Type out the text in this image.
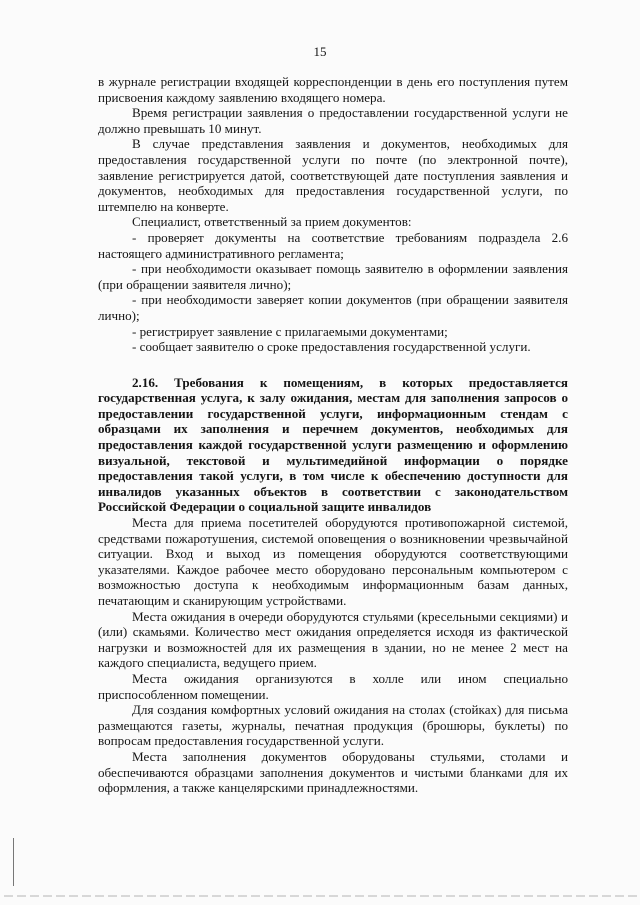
15

в журнале регистрации входящей корреспонденции в день его поступления путем присвоения каждому заявлению входящего номера.

Время регистрации заявления о предоставлении государственной услуги не должно превышать 10 минут.

В случае представления заявления и документов, необходимых для предоставления государственной услуги по почте (по электронной почте), заявление регистрируется датой, соответствующей дате поступления заявления и документов, необходимых для предоставления государственной услуги, по штемпелю на конверте.

Специалист, ответственный за прием документов:

- проверяет документы на соответствие требованиям подраздела 2.6 настоящего административного регламента;

- при необходимости оказывает помощь заявителю в оформлении заявления (при обращении заявителя лично);

- при необходимости заверяет копии документов (при обращении заявителя лично);

- регистрирует заявление с прилагаемыми документами;

- сообщает заявителю о сроке предоставления государственной услуги.

2.16. Требования к помещениям, в которых предоставляется государственная услуга, к залу ожидания, местам для заполнения запросов о предоставлении государственной услуги, информационным стендам с образцами их заполнения и перечнем документов, необходимых для предоставления каждой государственной услуги размещению и оформлению визуальной, текстовой и мультимедийной информации о порядке предоставления такой услуги, в том числе к обеспечению доступности для инвалидов указанных объектов в соответствии с законодательством Российской Федерации о социальной защите инвалидов

Места для приема посетителей оборудуются противопожарной системой, средствами пожаротушения, системой оповещения о возникновении чрезвычайной ситуации. Вход и выход из помещения оборудуются соответствующими указателями. Каждое рабочее место оборудовано персональным компьютером с возможностью доступа к необходимым информационным базам данных, печатающим и сканирующим устройствами.

Места ожидания в очереди оборудуются стульями (кресельными секциями) и (или) скамьями. Количество мест ожидания определяется исходя из фактической нагрузки и возможностей для их размещения в здании, но не менее 2 мест на каждого специалиста, ведущего прием.

Места ожидания организуются в холле или ином специально приспособленном помещении.

Для создания комфортных условий ожидания на столах (стойках) для письма размещаются газеты, журналы, печатная продукция (брошюры, буклеты) по вопросам предоставления государственной услуги.

Места заполнения документов оборудованы стульями, столами и обеспечиваются образцами заполнения документов и чистыми бланками для их оформления, а также канцелярскими принадлежностями.
